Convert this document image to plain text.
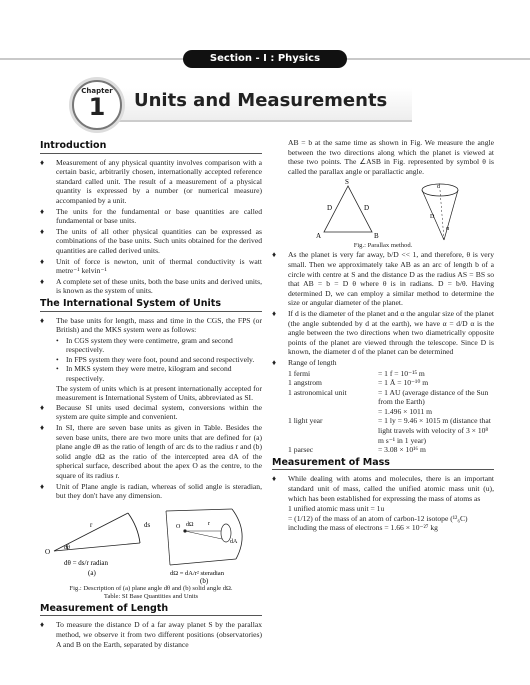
Section - I : Physics
Chapter
1	Units and Measurements
Introduction
♦	Measurement of any physical quantity involves comparison with a certain basic, arbitrarily chosen, internationally accepted reference standard called unit. The result of a measurement of a physical quantity is expressed by a number (or numerical measure) accompanied by a unit.
♦	The units for the fundamental or base quantities are called fundamental or base units.
♦	The units of all other physical quantities can be expressed as combinations of the base units. Such units obtained for the derived quantities are called derived units.
♦	Unit of force is newton, unit of thermal conductivity is watt metre⁻¹ kelvin⁻¹
♦	A complete set of these units, both the base units and derived units, is known as the system of units.
The International System of Units
♦	The base units for length, mass and time in the CGS, the FPS (or British) and the MKS system were as follows:
• In CGS system they were centimetre, gram and second respectively.
• In FPS system they were foot, pound and second respectively.
• In MKS system they were metre, kilogram and second respectively.
The system of units which is at present internationally accepted for measurement is International System of Units, abbreviated as SI.
♦	Because SI units used decimal system, conversions within the system are quite simple and convenient.
♦	In SI, there are seven base units as given in Table. Besides the seven base units, there are two more units that are defined for (a) plane angle dθ as the ratio of length of arc ds to the radius r and (b) solid angle dΩ as the ratio of the intercepted area dA of the spherical surface, described about the apex O as the centre, to the square of its radius r.
♦	Unit of Plane angle is radian, whereas of solid angle is steradian, but they don't have any dimension.
r	ds
O dθ
dθ = ds/r radian
(a)
O dΩ r
dA
dΩ = dA/r² steradian
(b)
Fig.: Description of (a) plane angle dθ and (b) solid angle dΩ.
Table: SI Base Quantities and Units
Measurement of Length
♦	To measure the distance D of a far away planet S by the parallax method, we observe it from two different positions (observatories) A and B on the Earth, separated by distance
AB = b at the same time as shown in Fig. We measure the angle between the two directions along which the planet is viewed at these two points. The ∠ASB in Fig. represented by symbol θ is called the parallax angle or parallactic angle.
S
D	D
A	B
d
D
α
Fig.: Parallax method.
♦	As the planet is very far away, b/D << 1, and therefore, θ is very small. Then we approximately take AB as an arc of length b of a circle with centre at S and the distance D as the radius AS = BS so that AB = b = D θ where θ is in radians. D = b/θ. Having determined D, we can employ a similar method to determine the size or angular diameter of the planet.
♦	If d is the diameter of the planet and α the angular size of the planet (the angle subtended by d at the earth), we have α = d/D α is the angle between the two directions when two diametrically opposite points of the planet are viewed through the telescope. Since D is known, the diameter d of the planet can be determined
♦	Range of length
1 fermi	= 1 f = 10⁻¹⁵ m
1 angstrom	= 1 Å = 10⁻¹⁰ m
1 astronomical unit	= 1 AU (average distance of the Sun from the Earth)
= 1.496 × 1011 m
1 light year	= 1 ly = 9.46 × 1015 m (distance that light travels with velocity of 3 × 10⁸ m s⁻¹ in 1 year)
1 parsec	= 3.08 × 10¹⁶ m
Measurement of Mass
♦	While dealing with atoms and molecules, there is an important standard unit of mass, called the unified atomic mass unit (u), which has been established for expressing the mass of atoms as
1 unified atomic mass unit = 1u
= (1/12) of the mass of an atom of carbon-12 isotope (¹²₆C)
including the mass of electrons = 1.66 × 10⁻²⁷ kg
